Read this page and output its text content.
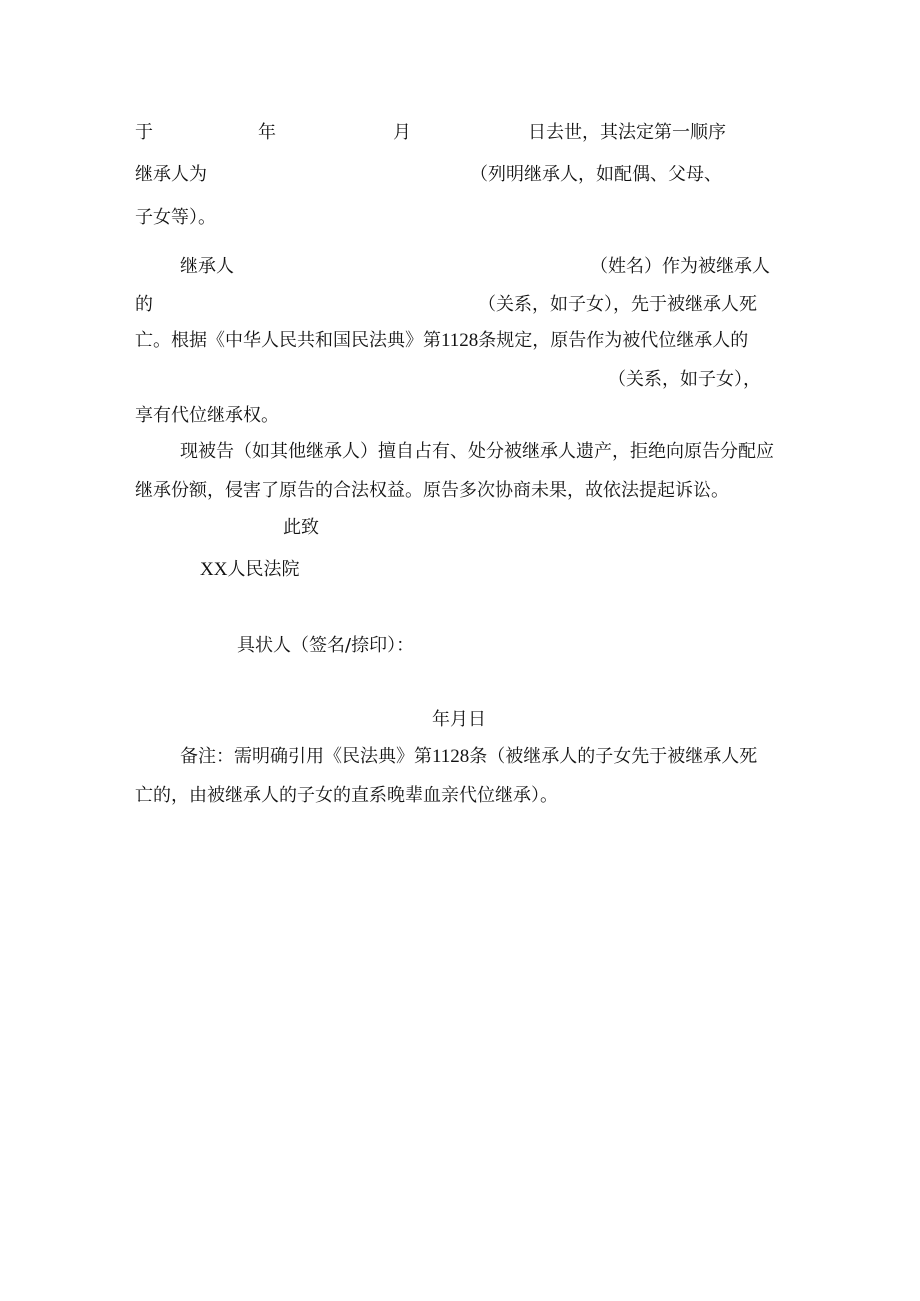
于	年	月	日去世，其法定第一顺序
继承人为	（列明继承人，如配偶、父母、
子女等）。
继承人	（姓名）作为被继承人
的	（关系，如子女），先于被继承人死
亡。根据《中华人民共和国民法典》第1128条规定，原告作为被代位继承人的
（关系，如子女），
享有代位继承权。
现被告（如其他继承人）擅自占有、处分被继承人遗产，拒绝向原告分配应
继承份额，侵害了原告的合法权益。原告多次协商未果，故依法提起诉讼。
此致
XX人民法院
具状人（签名/捺印）：
年月日
备注：需明确引用《民法典》第1128条（被继承人的子女先于被继承人死
亡的，由被继承人的子女的直系晚辈血亲代位继承）。
